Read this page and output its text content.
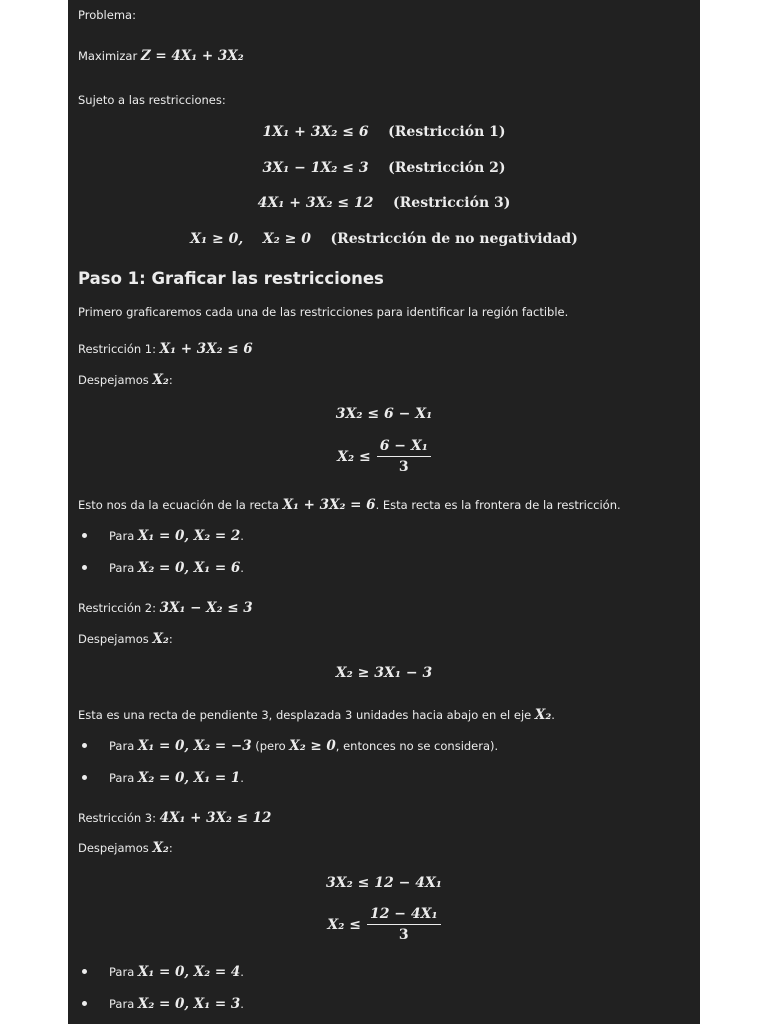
Problema:
Maximizar Z = 4X₁ + 3X₂
Sujeto a las restricciones:
1X₁ + 3X₂ ≤ 6 (Restricción 1)
3X₁ − 1X₂ ≤ 3 (Restricción 2)
4X₁ + 3X₂ ≤ 12 (Restricción 3)
X₁ ≥ 0,    X₂ ≥ 0 (Restricción de no negatividad)
Paso 1: Graficar las restricciones
Primero graficaremos cada una de las restricciones para identificar la región factible.
Restricción 1: X₁ + 3X₂ ≤ 6
Despejamos X₂:
3X₂ ≤ 6 − X₁
$X_2 \le \frac{\text{6 − X₁}}{3}$
Esto nos da la ecuación de la recta X₁ + 3X₂ = 6. Esta recta es la frontera de la restricción.
Para X₁ = 0, X₂ = 2.
Para X₂ = 0, X₁ = 6.
Restricción 2: 3X₁ − X₂ ≤ 3
Despejamos X₂:
X₂ ≥ 3X₁ − 3
Esta es una recta de pendiente 3, desplazada 3 unidades hacia abajo en el eje X₂.
Para X₁ = 0, X₂ = −3 (pero X₂ ≥ 0, entonces no se considera).
Para X₂ = 0, X₁ = 1.
Restricción 3: 4X₁ + 3X₂ ≤ 12
Despejamos X₂:
3X₂ ≤ 12 − 4X₁
$X_2 \le \frac{\text{12 − 4X₁}}{3}$
Para X₁ = 0, X₂ = 4.
Para X₂ = 0, X₁ = 3.
